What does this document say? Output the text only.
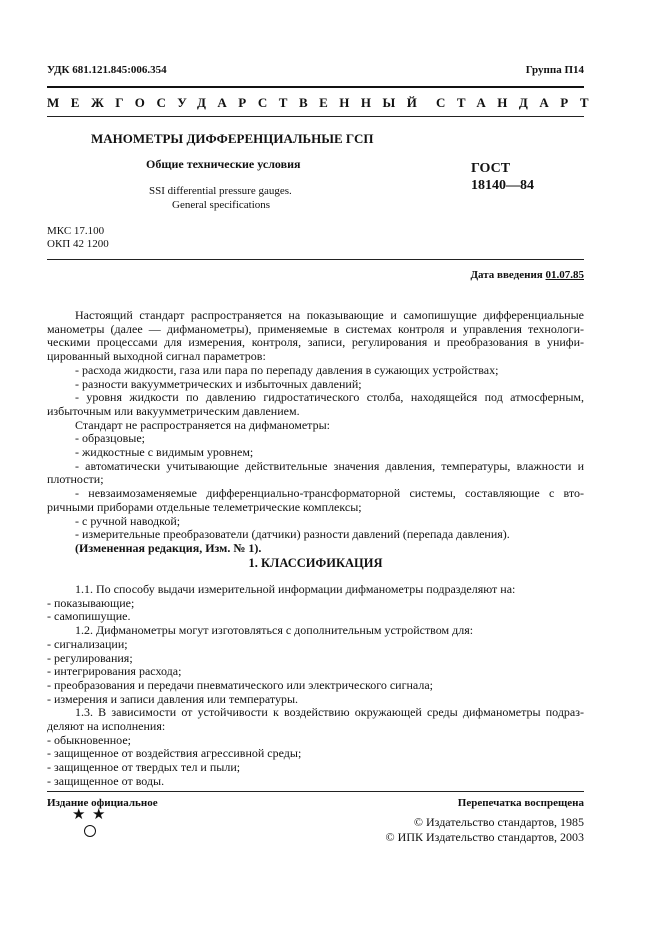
УДК 681.121.845:006.354	Группа П14
МЕЖГОСУДАРСТВЕННЫЙ СТАНДАРТ
МАНОМЕТРЫ ДИФФЕРЕНЦИАЛЬНЫЕ ГСП
Общие технические условия
SSI differential pressure gauges.
General specifications
ГОСТ
18140—84
МКС 17.100
ОКП 42 1200
Дата введения 01.07.85

Настоящий стандарт распространяется на показывающие и самопишущие дифференциальные

манометры (далее — дифманометры), применяемые в системах контроля и управления технологи-

ческими процессами для измерения, контроля, записи, регулирования и преобразования в унифи-

цированный выходной сигнал параметров:

- расхода жидкости, газа или пара по перепаду давления в сужающих устройствах;

- разности вакуумметрических и избыточных давлений;

- уровня жидкости по давлению гидростатического столба, находящейся под атмосферным,

избыточным или вакуумметрическим давлением.

Стандарт не распространяется на дифманометры:

- образцовые;

- жидкостные с видимым уровнем;

- автоматически учитывающие действительные значения давления, температуры, влажности и

плотности;

- невзаимозаменяемые дифференциально-трансформаторной системы, составляющие с вто-

ричными приборами отдельные телеметрические комплексы;

- с ручной наводкой;

- измерительные преобразователи (датчики) разности давлений (перепада давления).

(Измененная редакция, Изм. № 1).

1. КЛАССИФИКАЦИЯ

1.1. По способу выдачи измерительной информации дифманометры подразделяют на:

- показывающие;

- самопишущие.

1.2. Дифманометры могут изготовляться с дополнительным устройством для:

- сигнализации;

- регулирования;

- интегрирования расхода;

- преобразования и передачи пневматического или электрического сигнала;

- измерения и записи давления или температуры.

1.3. В зависимости от устойчивости к воздействию окружающей среды дифманометры подраз-

деляют на исполнения:

- обыкновенное;

- защищенное от воздействия агрессивной среды;

- защищенное от твердых тел и пыли;

- защищенное от воды.

Издание официальное	Перепечатка воспрещена
★ ★	© Издательство стандартов, 1985
© ИПК Издательство стандартов, 2003
